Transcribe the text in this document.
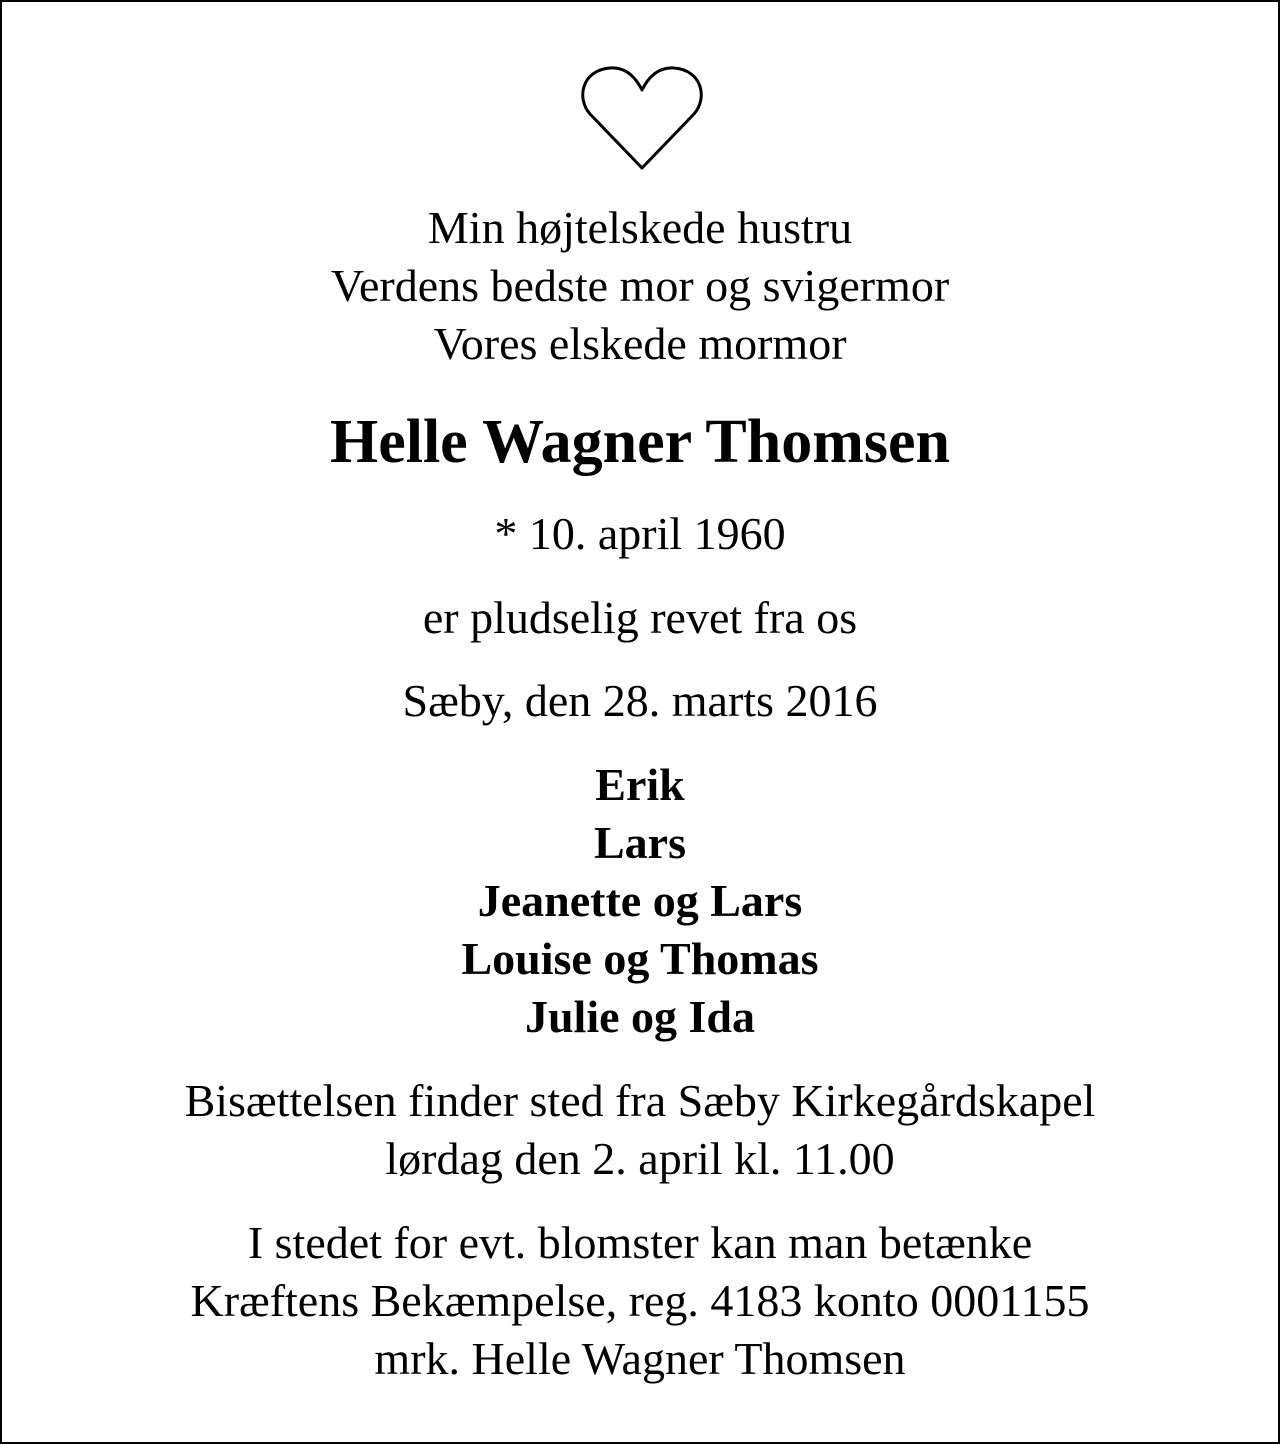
Min højtelskede hustru
Verdens bedste mor og svigermor
Vores elskede mormor
Helle Wagner Thomsen
* 10. april 1960
er pludselig revet fra os
Sæby, den 28. marts 2016
Erik
Lars
Jeanette og Lars
Louise og Thomas
Julie og Ida
Bisættelsen finder sted fra Sæby Kirkegårdskapel
lørdag den 2. april kl. 11.00
I stedet for evt. blomster kan man betænke
Kræftens Bekæmpelse, reg. 4183 konto 0001155
mrk. Helle Wagner Thomsen
